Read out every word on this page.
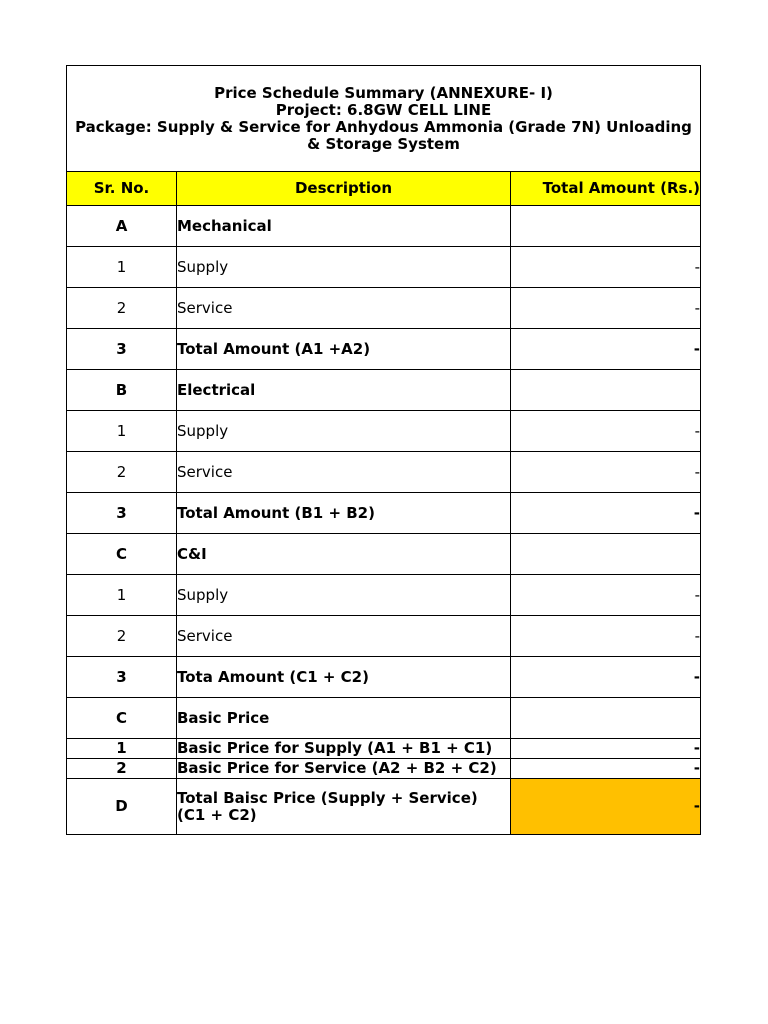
Price Schedule Summary (ANNEXURE- I)
Project: 6.8GW CELL LINE
Package: Supply & Service for Anhydous Ammonia (Grade 7N) Unloading & Storage System		

Sr. No.	Description	Total Amount (Rs.)
A	Mechanical	
1	Supply	-
2	Service	-
3	Total Amount (A1 +A2)	-
B	Electrical	
1	Supply	-
2	Service	-
3	Total Amount (B1 + B2)	-
C	C&I	
1	Supply	-
2	Service	-
3	Tota Amount (C1 + C2)	-
C	Basic Price	
1	Basic Price for Supply (A1 + B1 + C1)	-
2	Basic Price for Service (A2 + B2 + C2)	-
D	Total Baisc Price (Supply + Service) (C1 + C2)	-
